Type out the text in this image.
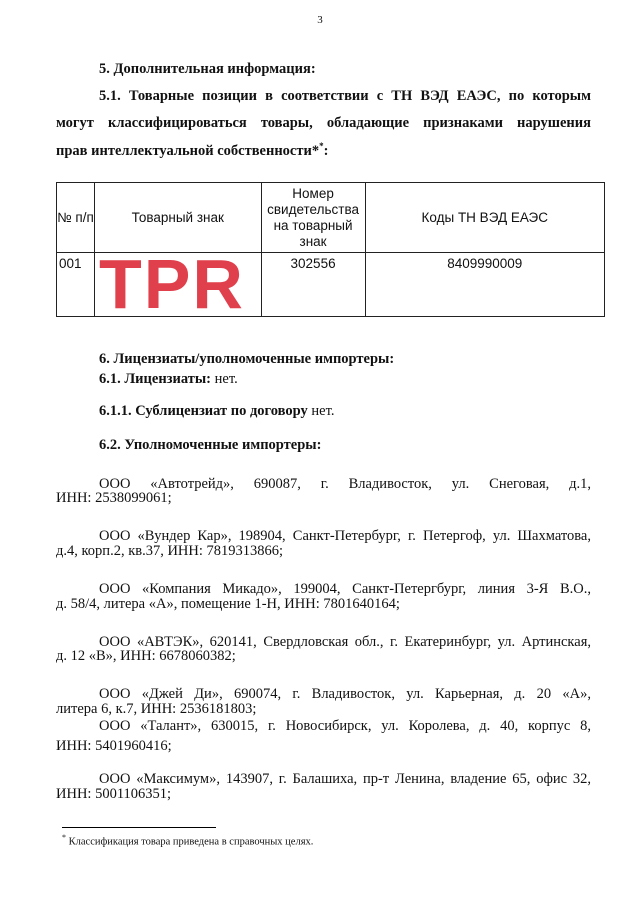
3
5. Дополнительная информация:
5.1. Товарные позиции в соответствии с ТН ВЭД ЕАЭС, по которым
могут классифицироваться товары, обладающие признаками нарушения
прав интеллектуальной собственности**:
№ п/п	Товарный знак	Номер свидетельства на товарный знак	Коды ТН ВЭД ЕАЭС
001	TPR	302556	8409990009
6. Лицензиаты/уполномоченные импортеры:
6.1. Лицензиаты: нет.
6.1.1. Сублицензиат по договору нет.
6.2. Уполномоченные импортеры:
ООО «Автотрейд», 690087, г. Владивосток, ул. Снеговая, д.1,
ИНН: 2538099061;
ООО «Вундер Кар», 198904, Санкт-Петербург, г. Петергоф, ул. Шахматова,
д.4, корп.2, кв.37, ИНН: 7819313866;
ООО «Компания Микадо», 199004, Санкт-Петергбург, линия 3-Я В.О.,
д. 58/4, литера «А», помещение 1-Н, ИНН: 7801640164;
ООО «АВТЭК», 620141, Свердловская обл., г. Екатеринбург, ул. Артинская,
д. 12 «В», ИНН: 6678060382;
ООО «Джей Ди», 690074, г. Владивосток, ул. Карьерная, д. 20 «А»,
литера 6, к.7, ИНН: 2536181803;
ООО «Талант», 630015, г. Новосибирск, ул. Королева, д. 40, корпус 8,
ИНН: 5401960416;
ООО «Максимум», 143907, г. Балашиха, пр-т Ленина, владение 65, офис 32,
ИНН: 5001106351;
* Классификация товара приведена в справочных целях.
